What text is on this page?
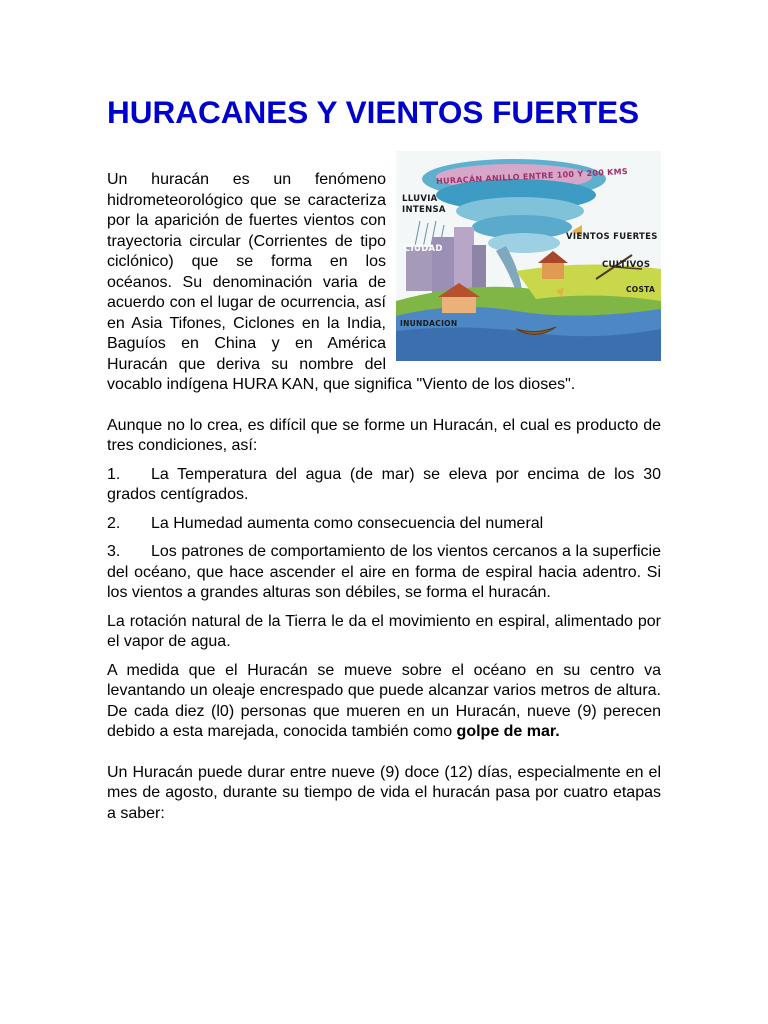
HURACANES Y VIENTOS FUERTES
HURACÁN ANILLO ENTRE 100 Y 200 KMS
LLUVIA
INTENSA
CIUDAD
VIENTOS FUERTES
CULTIVOS
COSTA
INUNDACION

Un huracán es un fenómeno hidrometeorológico que se caracteriza por la aparición de fuertes vientos con trayectoria circular (Corrientes de tipo ciclónico) que se forma en los océanos. Su denominación varia de acuerdo con el lugar de ocurrencia, así en Asia Tifones, Ciclones en la India, Baguíos en China y en América Huracán que deriva su nombre del vocablo indígena HURA KAN, que significa "Viento de los dioses".

Aunque no lo crea, es difícil que se forme un Huracán, el cual es producto de tres condiciones, así:

1. La Temperatura del agua (de mar) se eleva por encima de los 30 grados centígrados.

2. La Humedad aumenta como consecuencia del numeral

3. Los patrones de comportamiento de los vientos cercanos a la superficie del océano, que hace ascender el aire en forma de espiral hacia adentro. Si los vientos a grandes alturas son débiles, se forma el huracán.

La rotación natural de la Tierra le da el movimiento en espiral, alimentado por el vapor de agua.

A medida que el Huracán se mueve sobre el océano en su centro va levantando un oleaje encrespado que puede alcanzar varios metros de altura. De cada diez (l0) personas que mueren en un Huracán, nueve (9) perecen debido a esta marejada, conocida también como golpe de mar.

Un Huracán puede durar entre nueve (9) doce (12) días, especialmente en el mes de agosto, durante su tiempo de vida el huracán pasa por cuatro etapas a saber:
